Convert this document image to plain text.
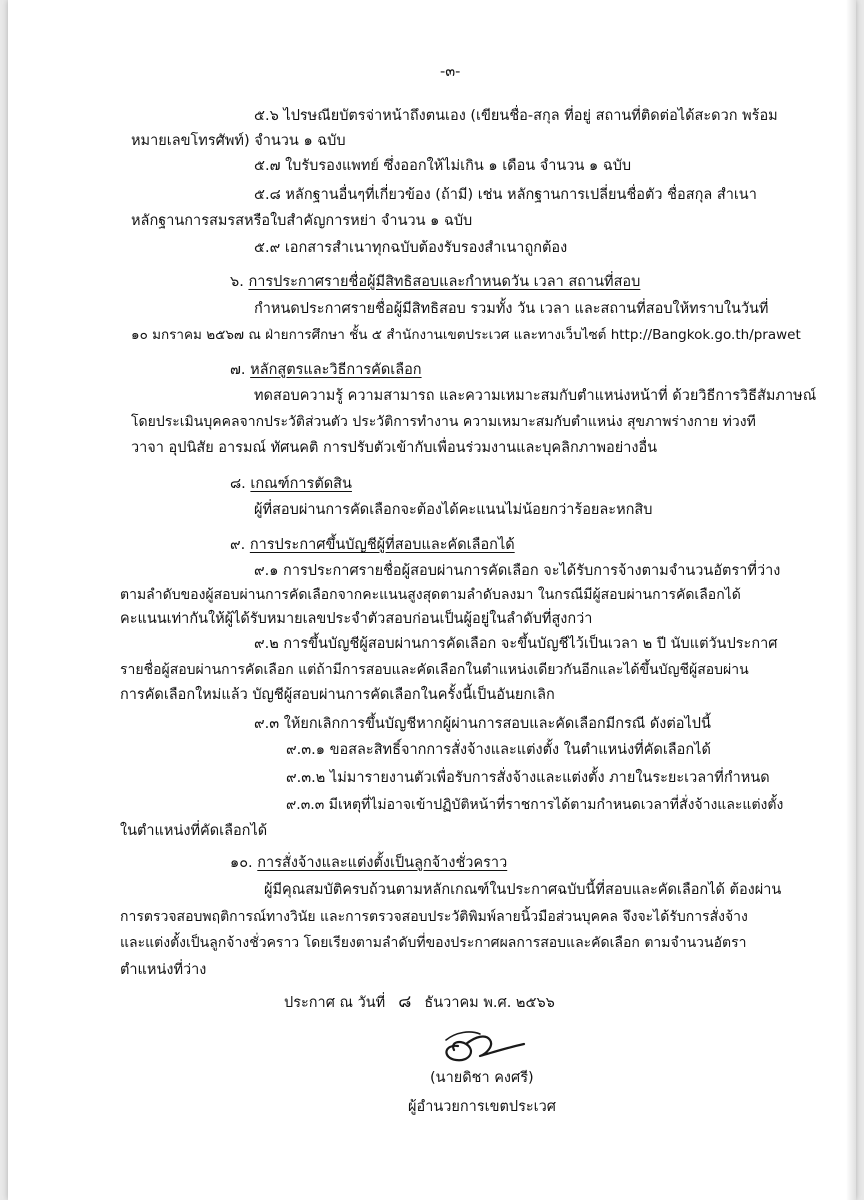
-๓-
๕.๖ ไปรษณียบัตรจ่าหน้าถึงตนเอง (เขียนชื่อ-สกุล ที่อยู่ สถานที่ติดต่อได้สะดวก พร้อม
หมายเลขโทรศัพท์) จำนวน ๑ ฉบับ
๕.๗ ใบรับรองแพทย์ ซึ่งออกให้ไม่เกิน ๑ เดือน จำนวน ๑ ฉบับ
๕.๘ หลักฐานอื่นๆที่เกี่ยวข้อง (ถ้ามี) เช่น หลักฐานการเปลี่ยนชื่อตัว ชื่อสกุล สำเนา
หลักฐานการสมรสหรือใบสำคัญการหย่า จำนวน ๑ ฉบับ
๕.๙ เอกสารสำเนาทุกฉบับต้องรับรองสำเนาถูกต้อง
๖. การประกาศรายชื่อผู้มีสิทธิสอบและกำหนดวัน เวลา สถานที่สอบ
กำหนดประกาศรายชื่อผู้มีสิทธิสอบ รวมทั้ง วัน เวลา และสถานที่สอบให้ทราบในวันที่
๑๐ มกราคม ๒๕๖๗ ณ ฝ่ายการศึกษา ชั้น ๕ สำนักงานเขตประเวศ และทางเว็บไซต์ http://Bangkok.go.th/prawet
๗. หลักสูตรและวิธีการคัดเลือก
ทดสอบความรู้ ความสามารถ และความเหมาะสมกับตำแหน่งหน้าที่ ด้วยวิธีการวิธีสัมภาษณ์
โดยประเมินบุคคลจากประวัติส่วนตัว ประวัติการทำงาน ความเหมาะสมกับตำแหน่ง สุขภาพร่างกาย ท่วงที
วาจา อุปนิสัย อารมณ์ ทัศนคติ การปรับตัวเข้ากับเพื่อนร่วมงานและบุคลิกภาพอย่างอื่น
๘. เกณฑ์การตัดสิน
ผู้ที่สอบผ่านการคัดเลือกจะต้องได้คะแนนไม่น้อยกว่าร้อยละหกสิบ
๙. การประกาศขึ้นบัญชีผู้ที่สอบและคัดเลือกได้
๙.๑ การประกาศรายชื่อผู้สอบผ่านการคัดเลือก จะได้รับการจ้างตามจำนวนอัตราที่ว่าง
ตามลำดับของผู้สอบผ่านการคัดเลือกจากคะแนนสูงสุดตามลำดับลงมา ในกรณีมีผู้สอบผ่านการคัดเลือกได้
คะแนนเท่ากันให้ผู้ได้รับหมายเลขประจำตัวสอบก่อนเป็นผู้อยู่ในลำดับที่สูงกว่า
๙.๒ การขึ้นบัญชีผู้สอบผ่านการคัดเลือก จะขึ้นบัญชีไว้เป็นเวลา ๒ ปี นับแต่วันประกาศ
รายชื่อผู้สอบผ่านการคัดเลือก แต่ถ้ามีการสอบและคัดเลือกในตำแหน่งเดียวกันอีกและได้ขึ้นบัญชีผู้สอบผ่าน
การคัดเลือกใหม่แล้ว บัญชีผู้สอบผ่านการคัดเลือกในครั้งนี้เป็นอันยกเลิก
๙.๓ ให้ยกเลิกการขึ้นบัญชีหากผู้ผ่านการสอบและคัดเลือกมีกรณี ดังต่อไปนี้
๙.๓.๑ ขอสละสิทธิ์จากการสั่งจ้างและแต่งตั้ง ในตำแหน่งที่คัดเลือกได้
๙.๓.๒ ไม่มารายงานตัวเพื่อรับการสั่งจ้างและแต่งตั้ง ภายในระยะเวลาที่กำหนด
๙.๓.๓ มีเหตุที่ไม่อาจเข้าปฏิบัติหน้าที่ราชการได้ตามกำหนดเวลาที่สั่งจ้างและแต่งตั้ง
ในตำแหน่งที่คัดเลือกได้
๑๐. การสั่งจ้างและแต่งตั้งเป็นลูกจ้างชั่วคราว
ผู้มีคุณสมบัติครบถ้วนตามหลักเกณฑ์ในประกาศฉบับนี้ที่สอบและคัดเลือกได้ ต้องผ่าน
การตรวจสอบพฤติการณ์ทางวินัย และการตรวจสอบประวัติพิมพ์ลายนิ้วมือส่วนบุคคล จึงจะได้รับการสั่งจ้าง
และแต่งตั้งเป็นลูกจ้างชั่วคราว โดยเรียงตามลำดับที่ของประกาศผลการสอบและคัดเลือก ตามจำนวนอัตรา
ตำแหน่งที่ว่าง
ประกาศ ณ วันที่ ๘ ธันวาคม พ.ศ. ๒๕๖๖
(นายดิชา คงศรี)
ผู้อำนวยการเขตประเวศ
